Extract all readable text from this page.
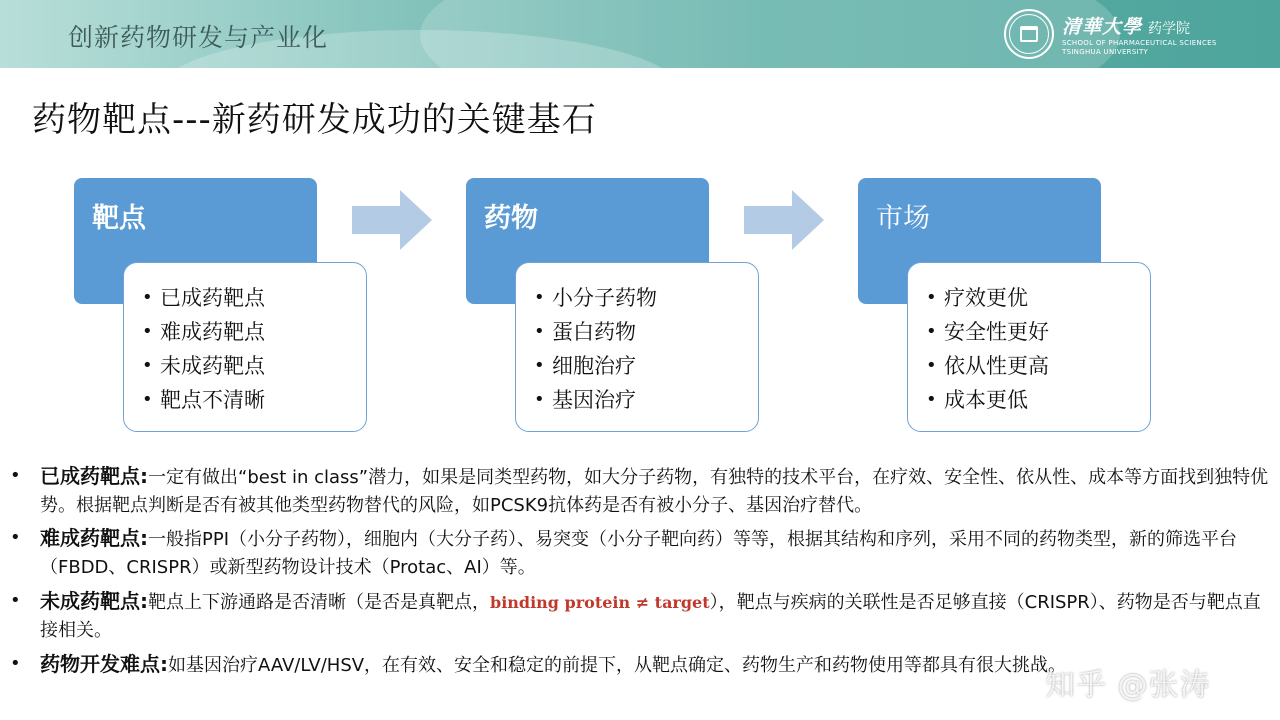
创新药物研发与产业化	清華大學 药学院
SCHOOL OF PHARMACEUTICAL SCIENCES
TSINGHUA UNIVERSITY
药物靶点---新药研发成功的关键基石
靶点
• 已成药靶点
• 难成药靶点
• 未成药靶点
• 靶点不清晰
药物
• 小分子药物
• 蛋白药物
• 细胞治疗
• 基因治疗
市场
• 疗效更优
• 安全性更好
• 依从性更高
• 成本更低
• 已成药靶点:一定有做出“best in class”潜力，如果是同类型药物，如大分子药物，有独特的技术平台，在疗效、安全性、依从性、成本等方面找到独特优势。根据靶点判断是否有被其他类型药物替代的风险，如PCSK9抗体药是否有被小分子、基因治疗替代。
• 难成药靶点:一般指PPI（小分子药物），细胞内（大分子药）、易突变（小分子靶向药）等等，根据其结构和序列，采用不同的药物类型，新的筛选平台（FBDD、CRISPR）或新型药物设计技术（Protac、AI）等。
• 未成药靶点:靶点上下游通路是否清晰（是否是真靶点，binding protein ≠ target），靶点与疾病的关联性是否足够直接（CRISPR）、药物是否与靶点直接相关。
• 药物开发难点:如基因治疗AAV/LV/HSV，在有效、安全和稳定的前提下，从靶点确定、药物生产和药物使用等都具有很大挑战。
知乎 @张涛
